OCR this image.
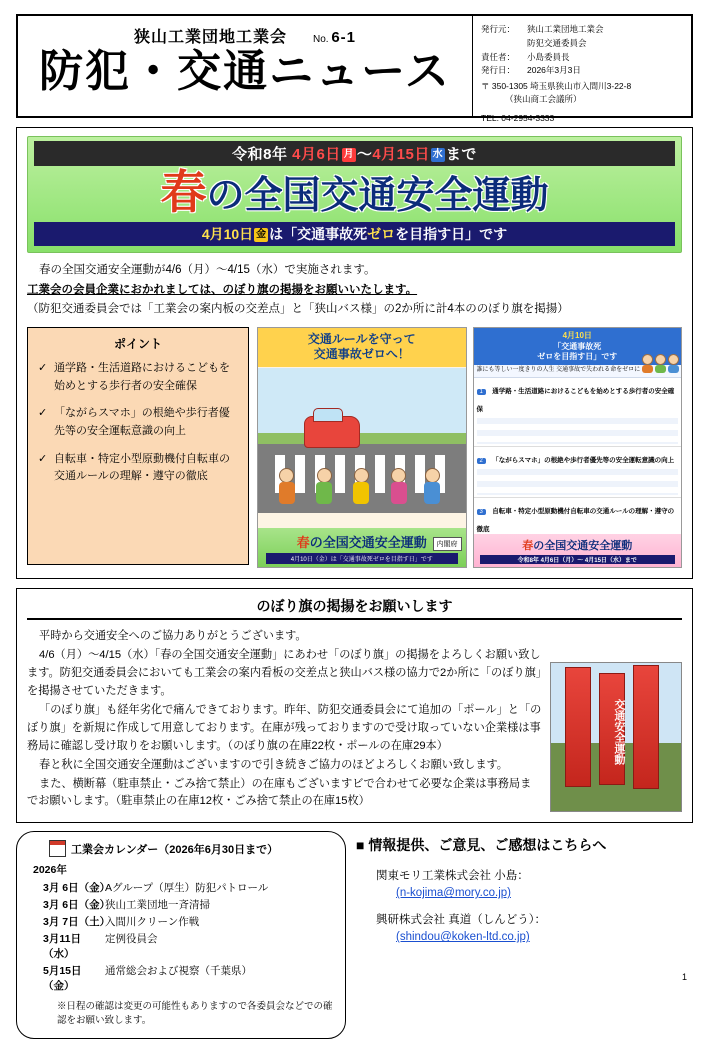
狭山工業団地工業会	No. 6-1
防犯・交通ニュース
発行元：	狭山工業団地工業会
防犯交通委員会
責任者：	小島委員長
発行日：	2026年3月3日
〒 350-1305 埼玉県狭山市入間川3-22-8
（狭山商工会議所）
TEL: 04-2954-3333
令和8年 4月6日 月 ～4月15日 水 まで
春の全国交通安全運動
4月10日 金 は「交通事故死ゼロを目指す日」です

春の全国交通安全運動が4/6（月）～4/15（水）で実施されます。

工業会の会員企業におかれましては、のぼり旗の掲揚をお願いいたします。

（防犯交通委員会では「工業会の案内板の交差点」と「狭山バス様」の2か所に計4本ののぼり旗を掲揚）

ポイント
✓ 通学路・生活道路におけるこどもを始めとする歩行者の安全確保
✓ 「ながらスマホ」の根絶や歩行者優先等の安全運転意識の向上
✓ 自転車・特定小型原動機付自転車の交通ルールの理解・遵守の徹底
交通ルールを守って
交通事故ゼロへ！
春の全国交通安全運動
4月10日（金）は「交通事故死ゼロを目指す日」です
内閣府
4月10日
「交通事故死
ゼロを目指す日」です
誰にも等しい一度きりの人生 交通事故で失われる命をゼロに
1 通学路・生活道路におけるこどもを始めとする歩行者の安全確保
2 「ながらスマホ」の根絶や歩行者優先等の安全運転意識の向上
3 自転車・特定小型原動機付自転車の交通ルールの理解・遵守の徹底
春の全国交通安全運動
令和8年 4月6日（月）～ 4月15日（水）まで
のぼり旗の掲揚をお願いします

平時から交通安全へのご協力ありがとうございます。

4/6（月）～4/15（水）「春の全国交通安全運動」にあわせ「のぼり旗」の掲揚をよろしくお願い致します。防犯交通委員会においても工業会の案内看板の交差点と狭山バス様の協力で2か所に「のぼり旗」を掲揚させていただきます。

「のぼり旗」も経年劣化で痛んできております。昨年、防犯交通委員会にて追加の「ポール」と「のぼり旗」を新規に作成して用意しております。在庫が残っておりますので受け取っていない企業様は事務局に確認し受け取りをお願いします。（のぼり旗の在庫22枚・ポールの在庫29本）

春と秋に全国交通安全運動はございますので引き続きご協力のほどよろしくお願い致します。

また、横断幕（駐車禁止・ごみ捨て禁止）の在庫もございますビで合わせて必要な企業は事務局までお願いします。（駐車禁止の在庫12枚・ごみ捨て禁止の在庫15枚）

交通安全運動
工業会カレンダー（2026年6月30日まで）
2026年
3月 6日（金）
Aグループ（厚生）防犯パトロール
3月 6日（金）
狭山工業団地一斉清掃
3月 7日（土）
入間川クリーン作戦
3月11日（水）
定例役員会
5月15日（金）
通常総会および視察（千葉県）
※日程の確認は変更の可能性もありますので各委員会などでの確認をお願い致します。
■ 情報提供、ご意見、ご感想はこちらへ
関東モリ工業株式会社 小島：
(n-kojima@mory.co.jp)
興研株式会社 真道（しんどう）：
(shindou@koken-ltd.co.jp)
1
